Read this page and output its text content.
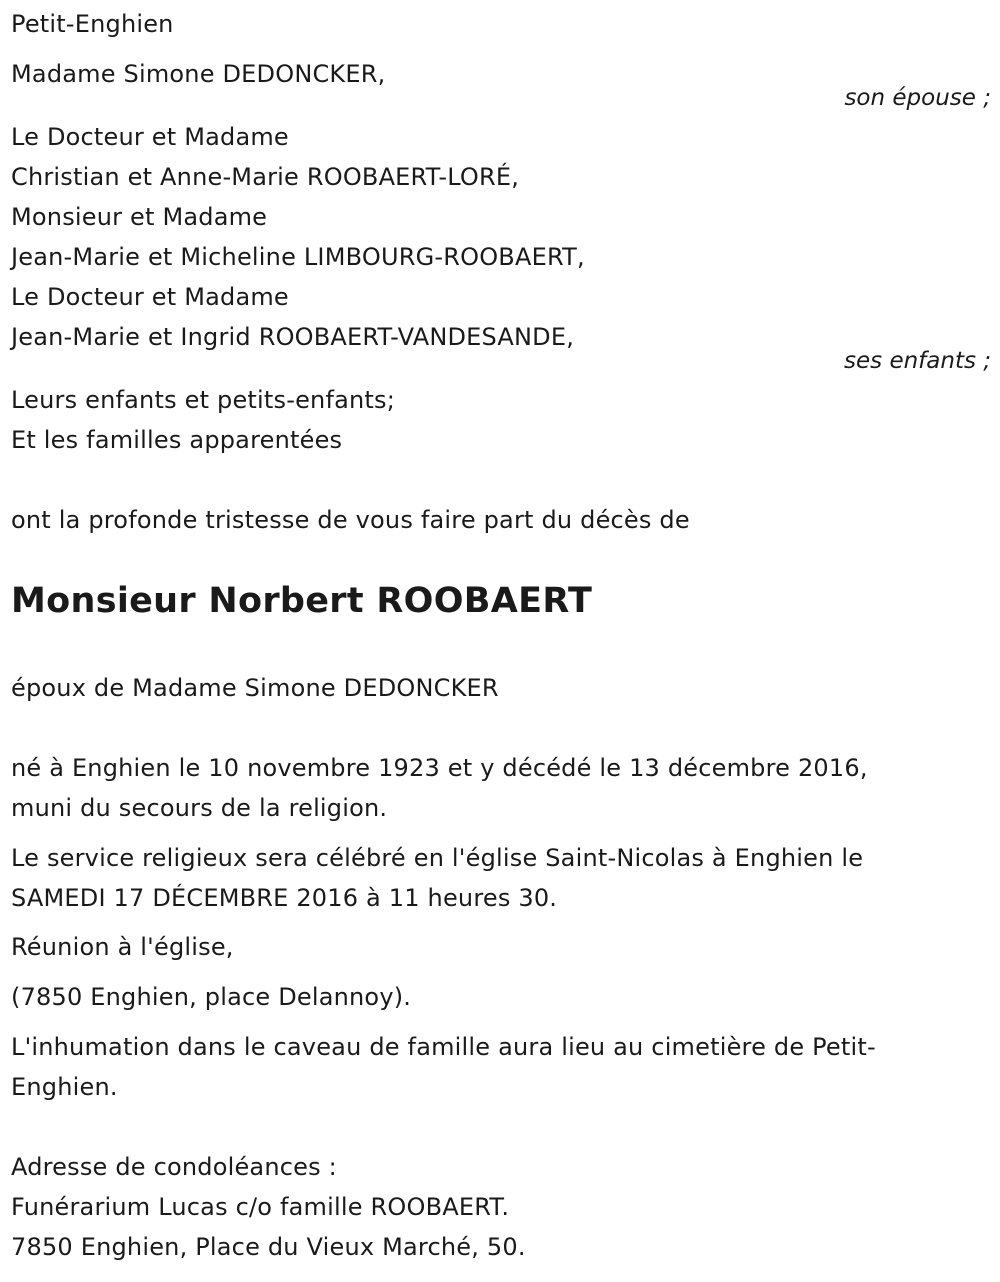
Petit-Enghien
Madame Simone DEDONCKER,
son épouse ;
Le Docteur et Madame
Christian et Anne-Marie ROOBAERT-LORÉ,
Monsieur et Madame
Jean-Marie et Micheline LIMBOURG-ROOBAERT,
Le Docteur et Madame
Jean-Marie et Ingrid ROOBAERT-VANDESANDE,
ses enfants ;
Leurs enfants et petits-enfants;
Et les familles apparentées
ont la profonde tristesse de vous faire part du décès de
Monsieur Norbert ROOBAERT
époux de Madame Simone DEDONCKER
né à Enghien le 10 novembre 1923 et y décédé le 13 décembre 2016,
muni du secours de la religion.
Le service religieux sera célébré en l'église Saint-Nicolas à Enghien le
SAMEDI 17 DÉCEMBRE 2016 à 11 heures 30.
Réunion à l'église,
(7850 Enghien, place Delannoy).
L'inhumation dans le caveau de famille aura lieu au cimetière de Petit-
Enghien.
Adresse de condoléances :
Funérarium Lucas c/o famille ROOBAERT.
7850 Enghien, Place du Vieux Marché, 50.
